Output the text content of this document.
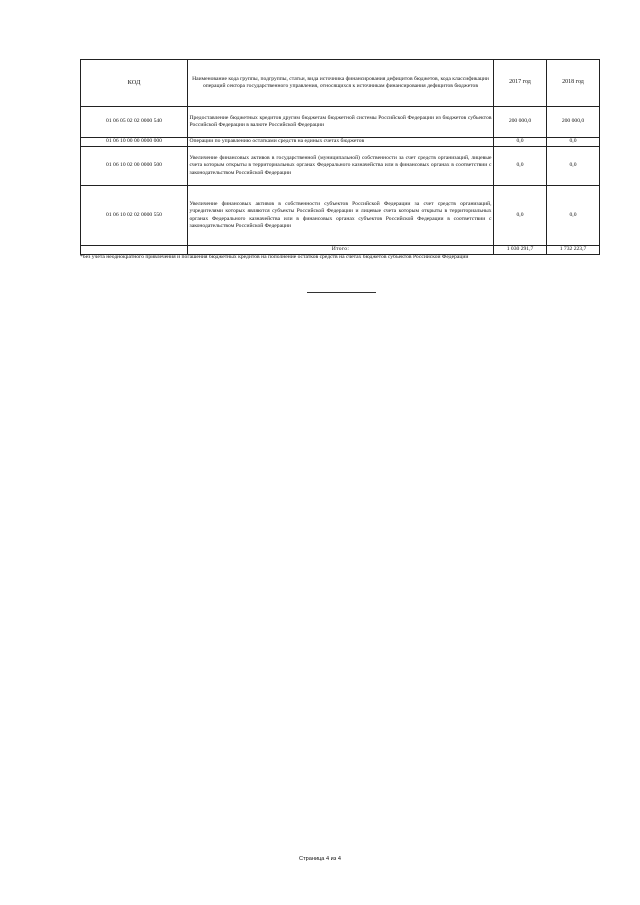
КОД	Наименование кода группы, подгруппы, статьи, вида источника финансирования дефицитов бюджетов, кода классификации операций сектора государственного управления, относящихся к источникам финансирования дефицитов бюджетов	2017 год	2018 год
01 06 05 02 02 0000 540	Предоставление бюджетных кредитов другим бюджетам бюджетной системы Российской Федерации из бюджетов субъектов Российской Федерации в валюте Российской Федерации	200 000,0	200 000,0
01 06 10 00 00 0000 000	Операции по управлению остатками средств на единых счетах бюджетов	0,0	0,0
01 06 10 02 00 0000 500	Увеличение финансовых активов в государственной (муниципальной) собственности за счет средств организаций, лицевые счета которым открыты в территориальных органах Федерального казначейства или в финансовых органах в соответствии с законодательством Российской Федерации	0,0	0,0
01 06 10 02 02 0000 550	Увеличение финансовых активов в собственности субъектов Российской Федерации за счет средств организаций, учредителями которых являются субъекты Российской Федерации и лицевые счета которым открыты в территориальных органах Федерального казначейства или в финансовых органах субъектов Российской Федерации в соответствии с законодательством Российской Федерации	0,0	0,0
	Итого:	1 030 291,7	1 732 223,7

*без учета неоднократного привлечения и погашения бюджетных кредитов на пополнение остатков средств на счетах бюджетов субъектов Российской Федерации

Страница 4 из 4
